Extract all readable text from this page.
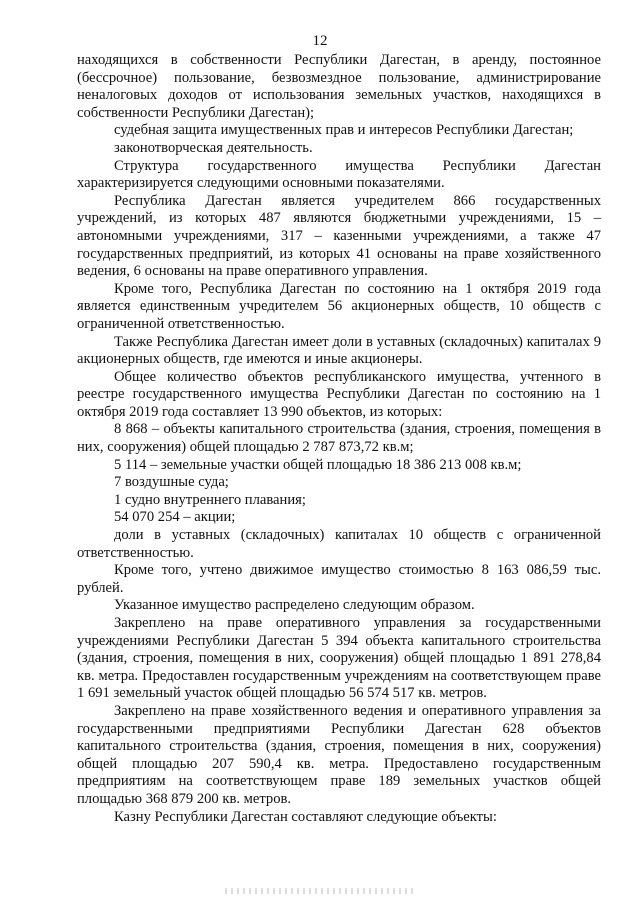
12

находящихся в собственности Республики Дагестан, в аренду, постоянное (бессрочное) пользование, безвозмездное пользование, администрирование неналоговых доходов от использования земельных участков, находящихся в собственности Республики Дагестан);

судебная защита имущественных прав и интересов Республики Дагестан;

законотворческая деятельность.

Структура государственного имущества Республики Дагестан характеризируется следующими основными показателями.

Республика Дагестан является учредителем 866 государственных учреждений, из которых 487 являются бюджетными учреждениями, 15 – автономными учреждениями, 317 – казенными учреждениями, а также 47 государственных предприятий, из которых 41 основаны на праве хозяйственного ведения, 6 основаны на праве оперативного управления.

Кроме того, Республика Дагестан по состоянию на 1 октября 2019 года является единственным учредителем 56 акционерных обществ, 10 обществ с ограниченной ответственностью.

Также Республика Дагестан имеет доли в уставных (складочных) капиталах 9 акционерных обществ, где имеются и иные акционеры.

Общее количество объектов республиканского имущества, учтенного в реестре государственного имущества Республики Дагестан по состоянию на 1 октября 2019 года составляет 13 990 объектов, из которых:

8 868 – объекты капитального строительства (здания, строения, помещения в них, сооружения) общей площадью 2 787 873,72 кв.м;

5 114 – земельные участки общей площадью 18 386 213 008 кв.м;

7 воздушные суда;

1 судно внутреннего плавания;

54 070 254 – акции;

доли в уставных (складочных) капиталах 10 обществ с ограниченной ответственностью.

Кроме того, учтено движимое имущество стоимостью 8 163 086,59 тыс. рублей.

Указанное имущество распределено следующим образом.

Закреплено на праве оперативного управления за государственными учреждениями Республики Дагестан 5 394 объекта капитального строительства (здания, строения, помещения в них, сооружения) общей площадью 1 891 278,84 кв. метра. Предоставлен государственным учреждениям на соответствующем праве 1 691 земельный участок общей площадью 56 574 517 кв. метров.

Закреплено на праве хозяйственного ведения и оперативного управления за государственными предприятиями Республики Дагестан 628 объектов капитального строительства (здания, строения, помещения в них, сооружения) общей площадью 207 590,4 кв. метра. Предоставлено государственным предприятиям на соответствующем праве 189 земельных участков общей площадью 368 879 200 кв. метров.

Казну Республики Дагестан составляют следующие объекты:
